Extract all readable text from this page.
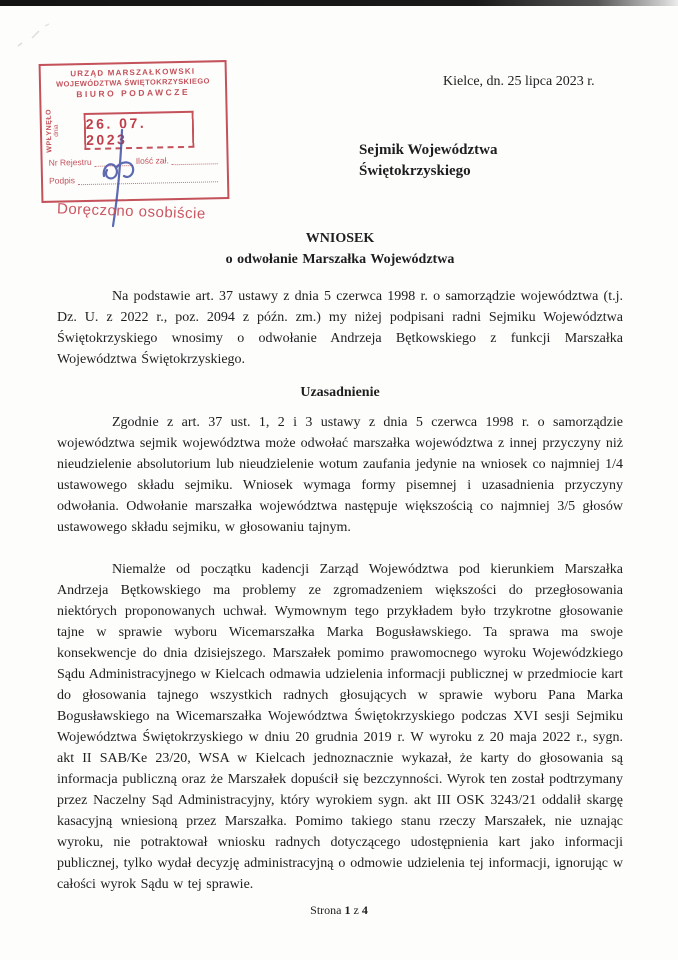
URZĄD MARSZAŁKOWSKI
WOJEWÓDZTWA ŚWIĘTOKRZYSKIEGO
BIURO PODAWCZE
WPŁYNĘŁO dnia 26. 07. 2023
Nr Rejestru	Ilość zał.
Podpis
Doręczono osobiście
Kielce, dn. 25 lipca 2023 r.
Sejmik Województwa
Świętokrzyskiego

WNIOSEK

o odwołanie Marszałka Województwa

Na podstawie art. 37 ustawy z dnia 5 czerwca 1998 r. o samorządzie województwa (t.j. Dz. U. z 2022 r., poz. 2094 z późn. zm.) my niżej podpisani radni Sejmiku Województwa Świętokrzyskiego wnosimy o odwołanie Andrzeja Bętkowskiego z funkcji Marszałka Województwa Świętokrzyskiego.

Uzasadnienie

Zgodnie z art. 37 ust. 1, 2 i 3 ustawy z dnia 5 czerwca 1998 r. o samorządzie województwa sejmik województwa może odwołać marszałka województwa z innej przyczyny niż nieudzielenie absolutorium lub nieudzielenie wotum zaufania jedynie na wniosek co najmniej 1/4 ustawowego składu sejmiku. Wniosek wymaga formy pisemnej i uzasadnienia przyczyny odwołania. Odwołanie marszałka województwa następuje większością co najmniej 3/5 głosów ustawowego składu sejmiku, w głosowaniu tajnym.

Niemalże od początku kadencji Zarząd Województwa pod kierunkiem Marszałka Andrzeja Bętkowskiego ma problemy ze zgromadzeniem większości do przegłosowania niektórych proponowanych uchwał. Wymownym tego przykładem było trzykrotne głosowanie tajne w sprawie wyboru Wicemarszałka Marka Bogusławskiego. Ta sprawa ma swoje konsekwencje do dnia dzisiejszego. Marszałek pomimo prawomocnego wyroku Wojewódzkiego Sądu Administracyjnego w Kielcach odmawia udzielenia informacji publicznej w przedmiocie kart do głosowania tajnego wszystkich radnych głosujących w sprawie wyboru Pana Marka Bogusławskiego na Wicemarszałka Województwa Świętokrzyskiego podczas XVI sesji Sejmiku Województwa Świętokrzyskiego w dniu 20 grudnia 2019 r. W wyroku z 20 maja 2022 r., sygn. akt II SAB/Ke 23/20, WSA w Kielcach jednoznacznie wykazał, że karty do głosowania są informacja publiczną oraz że Marszałek dopuścił się bezczynności. Wyrok ten został podtrzymany przez Naczelny Sąd Administracyjny, który wyrokiem sygn. akt III OSK 3243/21 oddalił skargę kasacyjną wniesioną przez Marszałka. Pomimo takiego stanu rzeczy Marszałek, nie uznając wyroku, nie potraktował wniosku radnych dotyczącego udostępnienia kart jako informacji publicznej, tylko wydał decyzję administracyjną o odmowie udzielenia tej informacji, ignorując w całości wyrok Sądu w tej sprawie.

Strona 1 z 4
